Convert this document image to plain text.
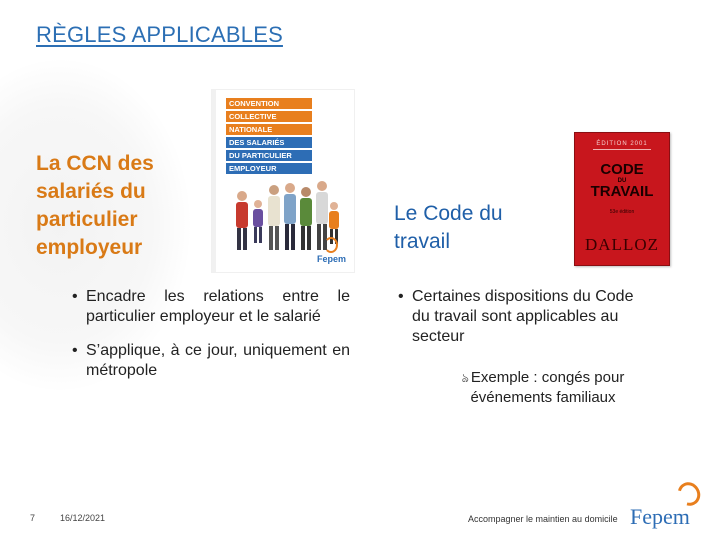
RÈGLES APPLICABLES
La CCN des salariés du particulier employeur
CONVENTION
COLLECTIVE
NATIONALE
DES SALARIÉS
DU PARTICULIER
EMPLOYEUR
Fepem
• Encadre les relations entre le particulier employeur et le salarié
• S’applique, à ce jour, uniquement en métropole
Le Code du travail
ÉDITION 2001
CODE
DU
TRAVAIL
53e édition
DALLOZ
• Certaines dispositions du Code du travail sont applicables au secteur
ঌ Exemple : congés pour événements familiaux
7	16/12/2021	Accompagner le maintien au domicile Fepem
